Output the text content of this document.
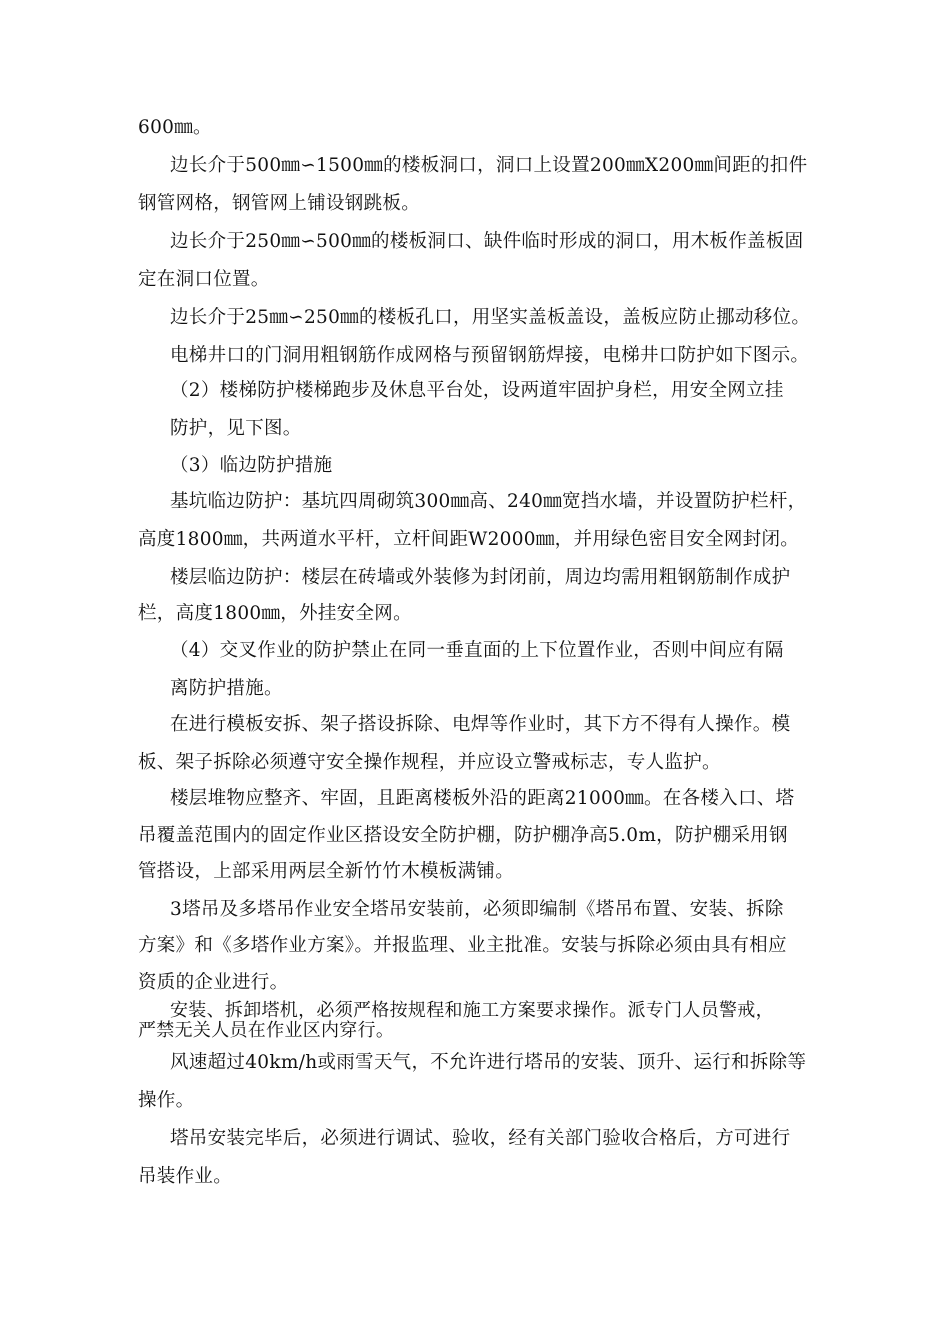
600㎜。
边长介于500㎜∽1500㎜的楼板洞口，洞口上设置200㎜X200㎜间距的扣件
钢管网格，钢管网上铺设钢跳板。
边长介于250㎜∽500㎜的楼板洞口、缺件临时形成的洞口，用木板作盖板固
定在洞口位置。
边长介于25㎜∽250㎜的楼板孔口，用坚实盖板盖设，盖板应防止挪动移位。
电梯井口的门洞用粗钢筋作成网格与预留钢筋焊接，电梯井口防护如下图示。
（2）楼梯防护楼梯跑步及休息平台处，设两道牢固护身栏，用安全网立挂
防护，见下图。
（3）临边防护措施
基坑临边防护：基坑四周砌筑300㎜高、240㎜宽挡水墙，并设置防护栏杆，
高度1800㎜，共两道水平杆，立杆间距W2000㎜，并用绿色密目安全网封闭。
楼层临边防护：楼层在砖墙或外装修为封闭前，周边均需用粗钢筋制作成护
栏，高度1800㎜，外挂安全网。
（4）交叉作业的防护禁止在同一垂直面的上下位置作业，否则中间应有隔
离防护措施。
在进行模板安拆、架子搭设拆除、电焊等作业时，其下方不得有人操作。模
板、架子拆除必须遵守安全操作规程，并应设立警戒标志，专人监护。
楼层堆物应整齐、牢固，且距离楼板外沿的距离21000㎜。在各楼入口、塔
吊覆盖范围内的固定作业区搭设安全防护棚，防护棚净高5.0m，防护棚采用钢
管搭设，上部采用两层全新竹竹木模板满铺。
3塔吊及多塔吊作业安全塔吊安装前，必须即编制《塔吊布置、安装、拆除
方案》和《多塔作业方案》。并报监理、业主批准。安装与拆除必须由具有相应
资质的企业进行。
安装、拆卸塔机，必须严格按规程和施工方案要求操作。派专门人员警戒，
严禁无关人员在作业区内穿行。
风速超过40km/h或雨雪天气，不允许进行塔吊的安装、顶升、运行和拆除等
操作。
塔吊安装完毕后，必须进行调试、验收，经有关部门验收合格后，方可进行
吊装作业。
